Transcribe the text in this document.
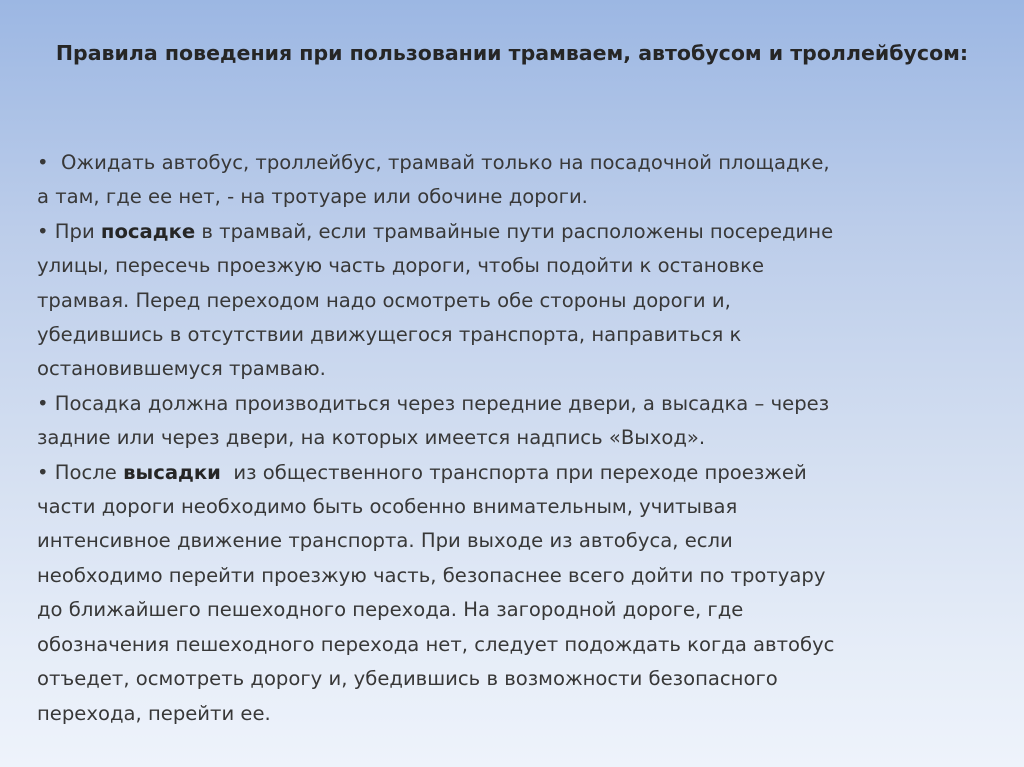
Правила поведения при пользовании трамваем, автобусом и троллейбусом:

•  Ожидать автобус, троллейбус, трамвай только на посадочной площадке,
а там, где ее нет, - на тротуаре или обочине дороги.

• При посадке в трамвай, если трамвайные пути расположены посередине
улицы, пересечь проезжую часть дороги, чтобы подойти к остановке
трамвая. Перед переходом надо осмотреть обе стороны дороги и,
убедившись в отсутствии движущегося транспорта, направиться к
остановившемуся трамваю.

• Посадка должна производиться через передние двери, а высадка – через
задние или через двери, на которых имеется надпись «Выход».

• После высадки  из общественного транспорта при переходе проезжей
части дороги необходимо быть особенно внимательным, учитывая
интенсивное движение транспорта. При выходе из автобуса, если
необходимо перейти проезжую часть, безопаснее всего дойти по тротуару
до ближайшего пешеходного перехода. На загородной дороге, где
обозначения пешеходного перехода нет, следует подождать когда автобус
отъедет, осмотреть дорогу и, убедившись в возможности безопасного
перехода, перейти ее.
